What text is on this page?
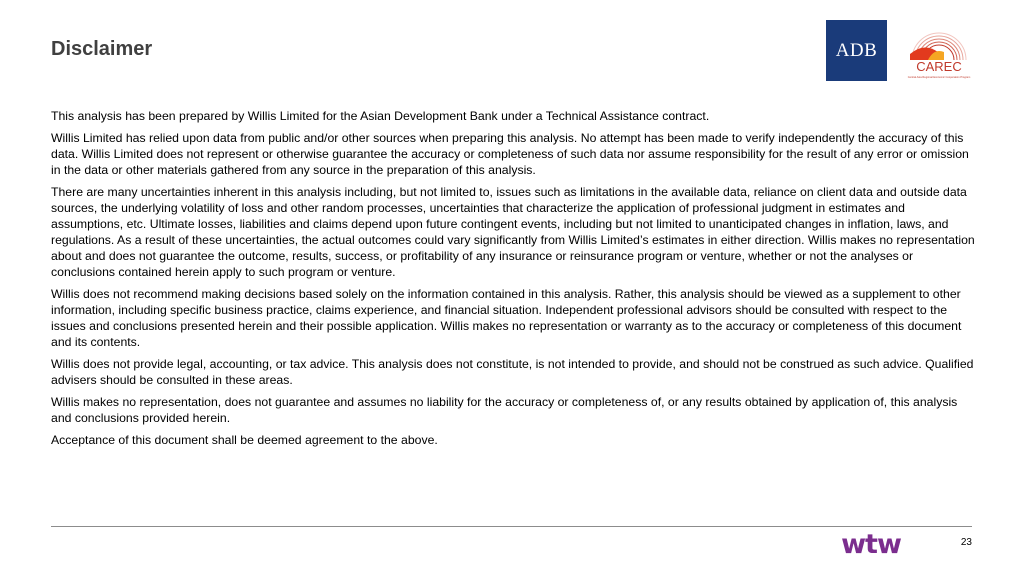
Disclaimer	ADB
CAREC
Central Asia Regional Economic Cooperation Program

This analysis has been prepared by Willis Limited for the Asian Development Bank under a Technical Assistance contract.

Willis Limited has relied upon data from public and/or other sources when preparing this analysis. No attempt has been made to verify independently the accuracy of this data. Willis Limited does not represent or otherwise guarantee the accuracy or completeness of such data nor assume responsibility for the result of any error or omission in the data or other materials gathered from any source in the preparation of this analysis.

There are many uncertainties inherent in this analysis including, but not limited to, issues such as limitations in the available data, reliance on client data and outside data sources, the underlying volatility of loss and other random processes, uncertainties that characterize the application of professional judgment in estimates and assumptions, etc. Ultimate losses, liabilities and claims depend upon future contingent events, including but not limited to unanticipated changes in inflation, laws, and regulations. As a result of these uncertainties, the actual outcomes could vary significantly from Willis Limited’s estimates in either direction. Willis makes no representation about and does not guarantee the outcome, results, success, or profitability of any insurance or reinsurance program or venture, whether or not the analyses or conclusions contained herein apply to such program or venture.

Willis does not recommend making decisions based solely on the information contained in this analysis. Rather, this analysis should be viewed as a supplement to other information, including specific business practice, claims experience, and financial situation. Independent professional advisors should be consulted with respect to the issues and conclusions presented herein and their possible application. Willis makes no representation or warranty as to the accuracy or completeness of this document and its contents.

Willis does not provide legal, accounting, or tax advice. This analysis does not constitute, is not intended to provide, and should not be construed as such advice. Qualified advisers should be consulted in these areas.

Willis makes no representation, does not guarantee and assumes no liability for the accuracy or completeness of, or any results obtained by application of, this analysis and conclusions provided herein.

Acceptance of this document shall be deemed agreement to the above.

wtw	23
